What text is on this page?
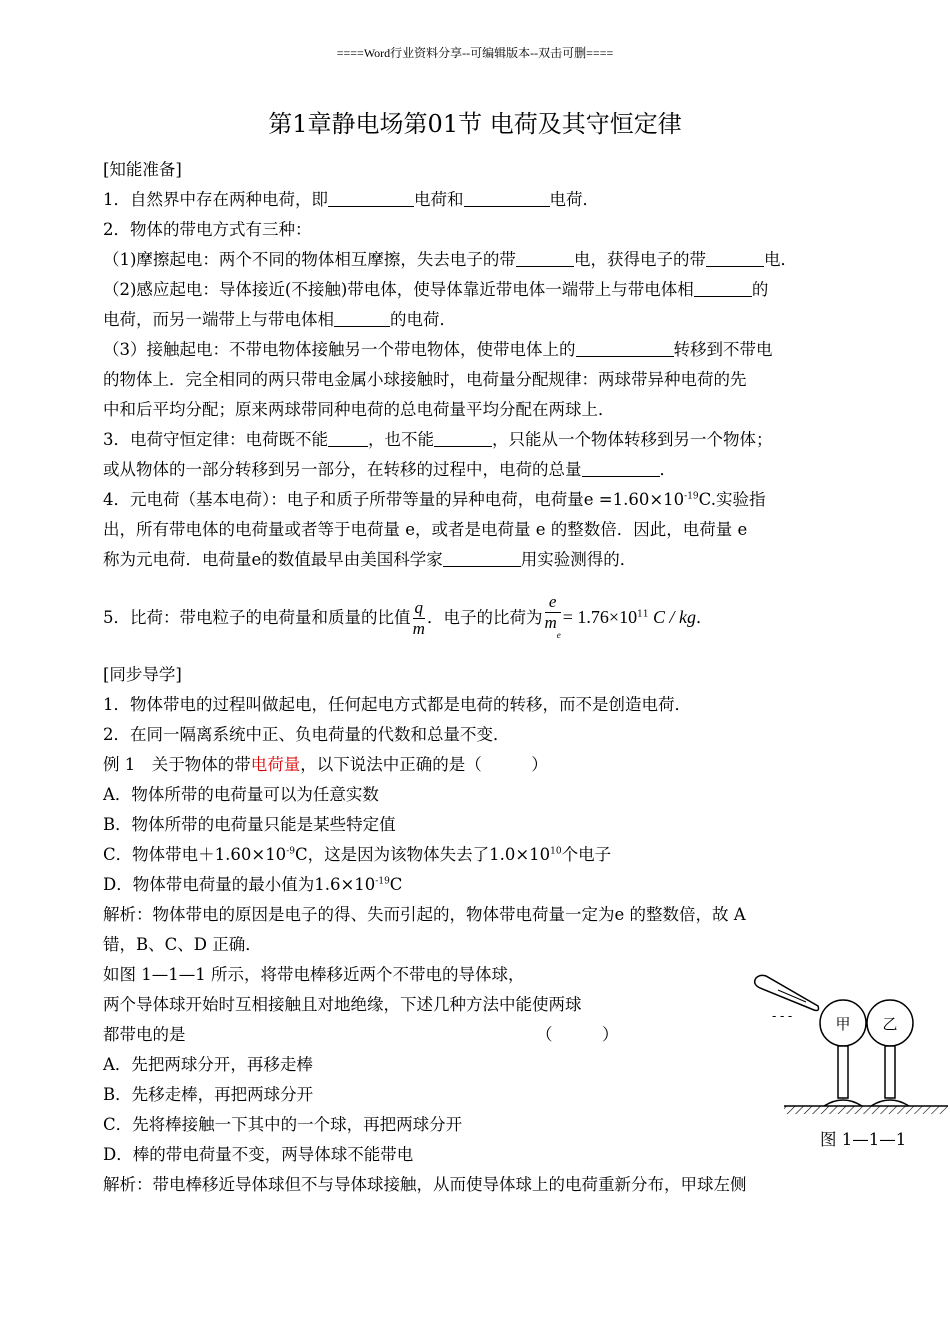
====Word行业资料分享--可编辑版本--双击可删====
第1章静电场第01节 电荷及其守恒定律
[知能准备]
1．自然界中存在两种电荷，即	电荷和	电荷．
2．物体的带电方式有三种：
（1)摩擦起电：两个不同的物体相互摩擦，失去电子的带	电，获得电子的带	电．
（2)感应起电：导体接近(不接触)带电体，使导体靠近带电体一端带上与带电体相	的
电荷，而另一端带上与带电体相	的电荷．
（3）接触起电：不带电物体接触另一个带电物体，使带电体上的	转移到不带电
的物体上．完全相同的两只带电金属小球接触时，电荷量分配规律：两球带异种电荷的先
中和后平均分配；原来两球带同种电荷的总电荷量平均分配在两球上．
3．电荷守恒定律：电荷既不能 ，也不能	，只能从一个物体转移到另一个物体；
或从物体的一部分转移到另一部分，在转移的过程中，电荷的总量	．
4．元电荷（基本电荷）：电子和质子所带等量的异种电荷，电荷量$e =1.60\times 10^{-19}C$.实验指
出，所有带电体的电荷量或者等于电荷量 e，或者是电荷量 e 的整数倍．因此，电荷量 e
称为元电荷．电荷量e的数值最早由美国科学家	用实验测得的．
5．比荷：带电粒子的电荷量和质量的比值 $\frac{q}{m}$ ．电子的比荷为 $\frac{e}{m_e} = 1.76\times 10^{11}$ C / kg．
[同步导学]
1．物体带电的过程叫做起电，任何起电方式都是电荷的转移，而不是创造电荷．
2．在同一隔离系统中正、负电荷量的代数和总量不变．
例 1　关于物体的带电荷量，以下说法中正确的是（　　　）
A．物体所带的电荷量可以为任意实数
B．物体所带的电荷量只能是某些特定值
C．物体带电$+1.60\times 10^{-9}C$，这是因为该物体失去了$1.0\times 10^{10}$个电子
D．物体带电荷量的最小值为$1.6\times 10^{-19}C$
解析：物体带电的原因是电子的得、失而引起的，物体带电荷量一定为e 的整数倍，故 A
错，B、C、D 正确．
如图 1—1—1 所示，将带电棒移近两个不带电的导体球，
两个导体球开始时互相接触且对地绝缘，下述几种方法中能使两球
都带电的是	（　　　）
A．先把两球分开，再移走棒
B．先移走棒，再把两球分开
C．先将棒接触一下其中的一个球，再把两球分开
D．棒的带电荷量不变，两导体球不能带电
解析：带电棒移近导体球但不与导体球接触，从而使导体球上的电荷重新分布，甲球左侧
- - -	甲 乙
图 1—1—1
